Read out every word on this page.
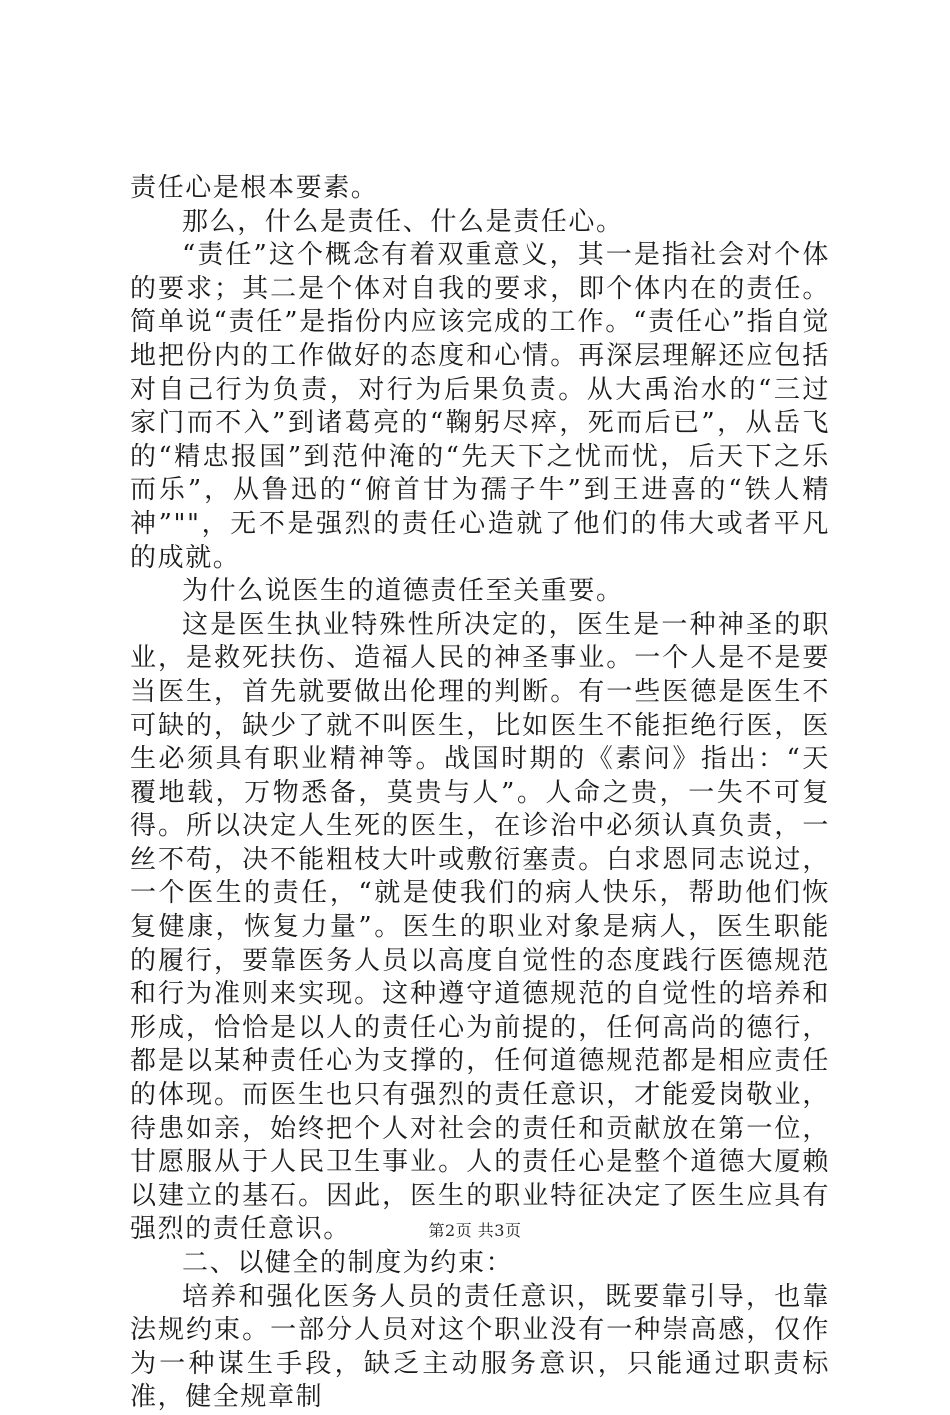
责任心是根本要素。

那么，什么是责任、什么是责任心。

“责任”这个概念有着双重意义，其一是指社会对个体的要求；其二是个体对自我的要求，即个体内在的责任。简单说“责任”是指份内应该完成的工作。“责任心”指自觉地把份内的工作做好的态度和心情。再深层理解还应包括对自己行为负责，对行为后果负责。从大禹治水的“三过家门而不入”到诸葛亮的“鞠躬尽瘁，死而后已”，从岳飞的“精忠报国”到范仲淹的“先天下之忧而忧，后天下之乐而乐”，从鲁迅的“俯首甘为孺子牛”到王进喜的“铁人精神”""，无不是强烈的责任心造就了他们的伟大或者平凡的成就。

为什么说医生的道德责任至关重要。

这是医生执业特殊性所决定的，医生是一种神圣的职业，是救死扶伤、造福人民的神圣事业。一个人是不是要当医生，首先就要做出伦理的判断。有一些医德是医生不可缺的，缺少了就不叫医生，比如医生不能拒绝行医，医生必须具有职业精神等。战国时期的《素问》指出：“天覆地载，万物悉备，莫贵与人”。人命之贵，一失不可复得。所以决定人生死的医生，在诊治中必须认真负责，一丝不苟，决不能粗枝大叶或敷衍塞责。白求恩同志说过，一个医生的责任，“就是使我们的病人快乐，帮助他们恢复健康，恢复力量”。医生的职业对象是病人，医生职能的履行，要靠医务人员以高度自觉性的态度践行医德规范和行为准则来实现。这种遵守道德规范的自觉性的培养和形成，恰恰是以人的责任心为前提的，任何高尚的德行，都是以某种责任心为支撑的，任何道德规范都是相应责任的体现。而医生也只有强烈的责任意识，才能爱岗敬业，待患如亲，始终把个人对社会的责任和贡献放在第一位，甘愿服从于人民卫生事业。人的责任心是整个道德大厦赖以建立的基石。因此，医生的职业特征决定了医生应具有强烈的责任意识。

二、以健全的制度为约束：

培养和强化医务人员的责任意识，既要靠引导，也靠法规约束。一部分人员对这个职业没有一种崇高感，仅作为一种谋生手段，缺乏主动服务意识，只能通过职责标准，健全规章制

第2页 共3页
